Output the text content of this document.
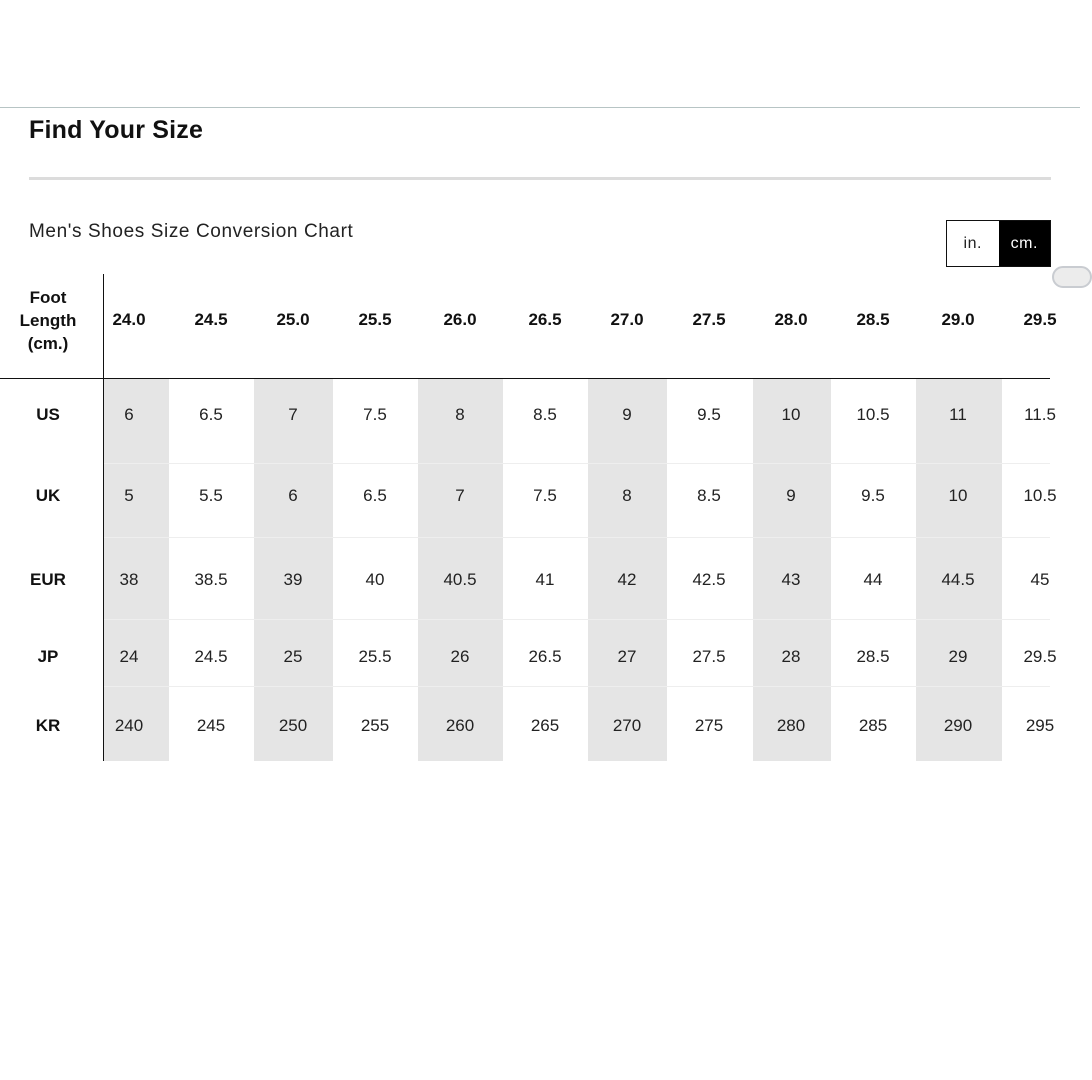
Find Your Size
Men's Shoes Size Conversion Chart
in.	cm.
Foot
Length
(cm.)
24.0	24.5	25.0	25.5	26.0	26.5	27.0	27.5	28.0	28.5	29.0	29.5
US	6	6.5	7	7.5	8	8.5	9	9.5	10	10.5	11	11.5
UK	5	5.5	6	6.5	7	7.5	8	8.5	9	9.5	10	10.5
EUR	38	38.5	39	40	40.5	41	42	42.5	43	44	44.5	45
JP	24	24.5	25	25.5	26	26.5	27	27.5	28	28.5	29	29.5
KR	240	245	250	255	260	265	270	275	280	285	290	295
